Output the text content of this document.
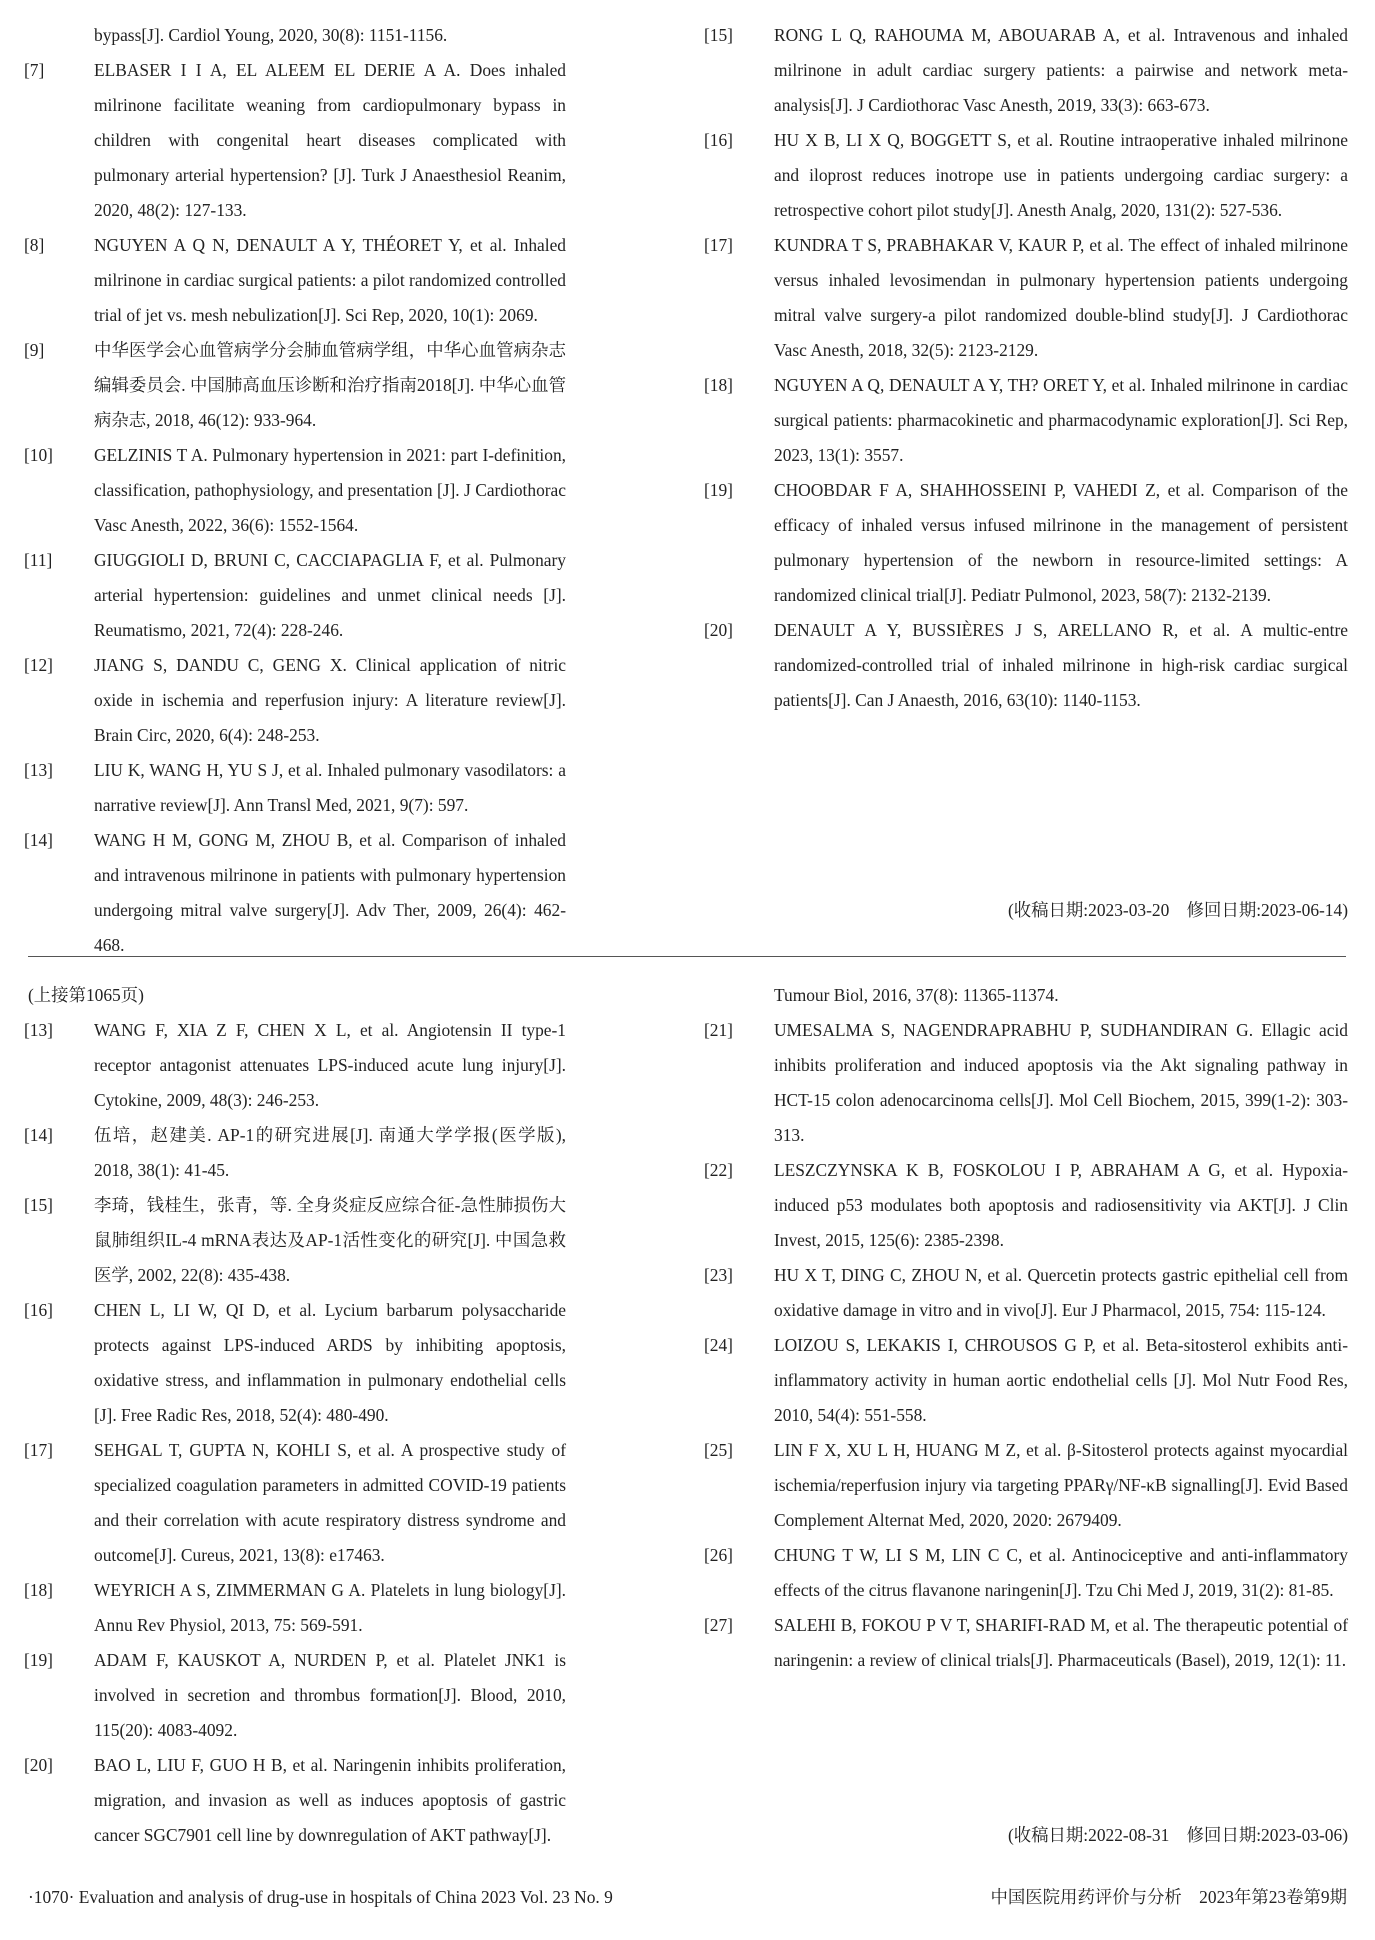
bypass[J]. Cardiol Young, 2020, 30(8): 1151-1156.
[7]	ELBASER I I A, EL ALEEM EL DERIE A A. Does inhaled milrinone facilitate weaning from cardiopulmonary bypass in children with congenital heart diseases complicated with pulmonary arterial hypertension? [J]. Turk J Anaesthesiol Reanim, 2020, 48(2): 127-133.
[8]	NGUYEN A Q N, DENAULT A Y, THÉORET Y, et al. Inhaled milrinone in cardiac surgical patients: a pilot randomized controlled trial of jet vs. mesh nebulization[J]. Sci Rep, 2020, 10(1): 2069.
[9]	中华医学会心血管病学分会肺血管病学组，中华心血管病杂志编辑委员会. 中国肺高血压诊断和治疗指南2018[J]. 中华心血管病杂志, 2018, 46(12): 933-964.
[10] GELZINIS T A. Pulmonary hypertension in 2021: part I-definition, classification, pathophysiology, and presentation [J]. J Cardiothorac Vasc Anesth, 2022, 36(6): 1552-1564.
[11] GIUGGIOLI D, BRUNI C, CACCIAPAGLIA F, et al. Pulmonary arterial hypertension: guidelines and unmet clinical needs [J]. Reumatismo, 2021, 72(4): 228-246.
[12] JIANG S, DANDU C, GENG X. Clinical application of nitric oxide in ischemia and reperfusion injury: A literature review[J]. Brain Circ, 2020, 6(4): 248-253.
[13] LIU K, WANG H, YU S J, et al. Inhaled pulmonary vasodilators: a narrative review[J]. Ann Transl Med, 2021, 9(7): 597.
[14] WANG H M, GONG M, ZHOU B, et al. Comparison of inhaled and intravenous milrinone in patients with pulmonary hypertension undergoing mitral valve surgery[J]. Adv Ther, 2009, 26(4): 462-468.
[15] RONG L Q, RAHOUMA M, ABOUARAB A, et al. Intravenous and inhaled milrinone in adult cardiac surgery patients: a pairwise and network meta-analysis[J]. J Cardiothorac Vasc Anesth, 2019, 33(3): 663-673.
[16] HU X B, LI X Q, BOGGETT S, et al. Routine intraoperative inhaled milrinone and iloprost reduces inotrope use in patients undergoing cardiac surgery: a retrospective cohort pilot study[J]. Anesth Analg, 2020, 131(2): 527-536.
[17] KUNDRA T S, PRABHAKAR V, KAUR P, et al. The effect of inhaled milrinone versus inhaled levosimendan in pulmonary hypertension patients undergoing mitral valve surgery-a pilot randomized double-blind study[J]. J Cardiothorac Vasc Anesth, 2018, 32(5): 2123-2129.
[18] NGUYEN A Q, DENAULT A Y, TH? ORET Y, et al. Inhaled milrinone in cardiac surgical patients: pharmacokinetic and pharmacodynamic exploration[J]. Sci Rep, 2023, 13(1): 3557.
[19] CHOOBDAR F A, SHAHHOSSEINI P, VAHEDI Z, et al. Comparison of the efficacy of inhaled versus infused milrinone in the management of persistent pulmonary hypertension of the newborn in resource-limited settings: A randomized clinical trial[J]. Pediatr Pulmonol, 2023, 58(7): 2132-2139.
[20] DENAULT A Y, BUSSIÈRES J S, ARELLANO R, et al. A multic-entre randomized-controlled trial of inhaled milrinone in high-risk cardiac surgical patients[J]. Can J Anaesth, 2016, 63(10): 1140-1153.
(收稿日期:2023-03-20　修回日期:2023-06-14)
(上接第1065页)
[13] WANG F, XIA Z F, CHEN X L, et al. Angiotensin II type-1 receptor antagonist attenuates LPS-induced acute lung injury[J]. Cytokine, 2009, 48(3): 246-253.
[14] 伍培，赵建美. AP-1的研究进展[J]. 南通大学学报(医学版), 2018, 38(1): 41-45.
[15] 李琦，钱桂生，张青，等. 全身炎症反应综合征-急性肺损伤大鼠肺组织IL-4 mRNA表达及AP-1活性变化的研究[J]. 中国急救医学, 2002, 22(8): 435-438.
[16] CHEN L, LI W, QI D, et al. Lycium barbarum polysaccharide protects against LPS-induced ARDS by inhibiting apoptosis, oxidative stress, and inflammation in pulmonary endothelial cells [J]. Free Radic Res, 2018, 52(4): 480-490.
[17] SEHGAL T, GUPTA N, KOHLI S, et al. A prospective study of specialized coagulation parameters in admitted COVID-19 patients and their correlation with acute respiratory distress syndrome and outcome[J]. Cureus, 2021, 13(8): e17463.
[18] WEYRICH A S, ZIMMERMAN G A. Platelets in lung biology[J]. Annu Rev Physiol, 2013, 75: 569-591.
[19] ADAM F, KAUSKOT A, NURDEN P, et al. Platelet JNK1 is involved in secretion and thrombus formation[J]. Blood, 2010, 115(20): 4083-4092.
[20] BAO L, LIU F, GUO H B, et al. Naringenin inhibits proliferation, migration, and invasion as well as induces apoptosis of gastric cancer SGC7901 cell line by downregulation of AKT pathway[J].
Tumour Biol, 2016, 37(8): 11365-11374.
[21] UMESALMA S, NAGENDRAPRABHU P, SUDHANDIRAN G. Ellagic acid inhibits proliferation and induced apoptosis via the Akt signaling pathway in HCT-15 colon adenocarcinoma cells[J]. Mol Cell Biochem, 2015, 399(1-2): 303-313.
[22] LESZCZYNSKA K B, FOSKOLOU I P, ABRAHAM A G, et al. Hypoxia-induced p53 modulates both apoptosis and radiosensitivity via AKT[J]. J Clin Invest, 2015, 125(6): 2385-2398.
[23] HU X T, DING C, ZHOU N, et al. Quercetin protects gastric epithelial cell from oxidative damage in vitro and in vivo[J]. Eur J Pharmacol, 2015, 754: 115-124.
[24] LOIZOU S, LEKAKIS I, CHROUSOS G P, et al. Beta-sitosterol exhibits anti-inflammatory activity in human aortic endothelial cells [J]. Mol Nutr Food Res, 2010, 54(4): 551-558.
[25] LIN F X, XU L H, HUANG M Z, et al. β-Sitosterol protects against myocardial ischemia/reperfusion injury via targeting PPARγ/NF-κB signalling[J]. Evid Based Complement Alternat Med, 2020, 2020: 2679409.
[26] CHUNG T W, LI S M, LIN C C, et al. Antinociceptive and anti-inflammatory effects of the citrus flavanone naringenin[J]. Tzu Chi Med J, 2019, 31(2): 81-85.
[27] SALEHI B, FOKOU P V T, SHARIFI-RAD M, et al. The therapeutic potential of naringenin: a review of clinical trials[J]. Pharmaceuticals (Basel), 2019, 12(1): 11.
(收稿日期:2022-08-31　修回日期:2023-03-06)
·1070· Evaluation and analysis of drug-use in hospitals of China 2023 Vol. 23 No. 9	中国医院用药评价与分析　2023年第23卷第9期
